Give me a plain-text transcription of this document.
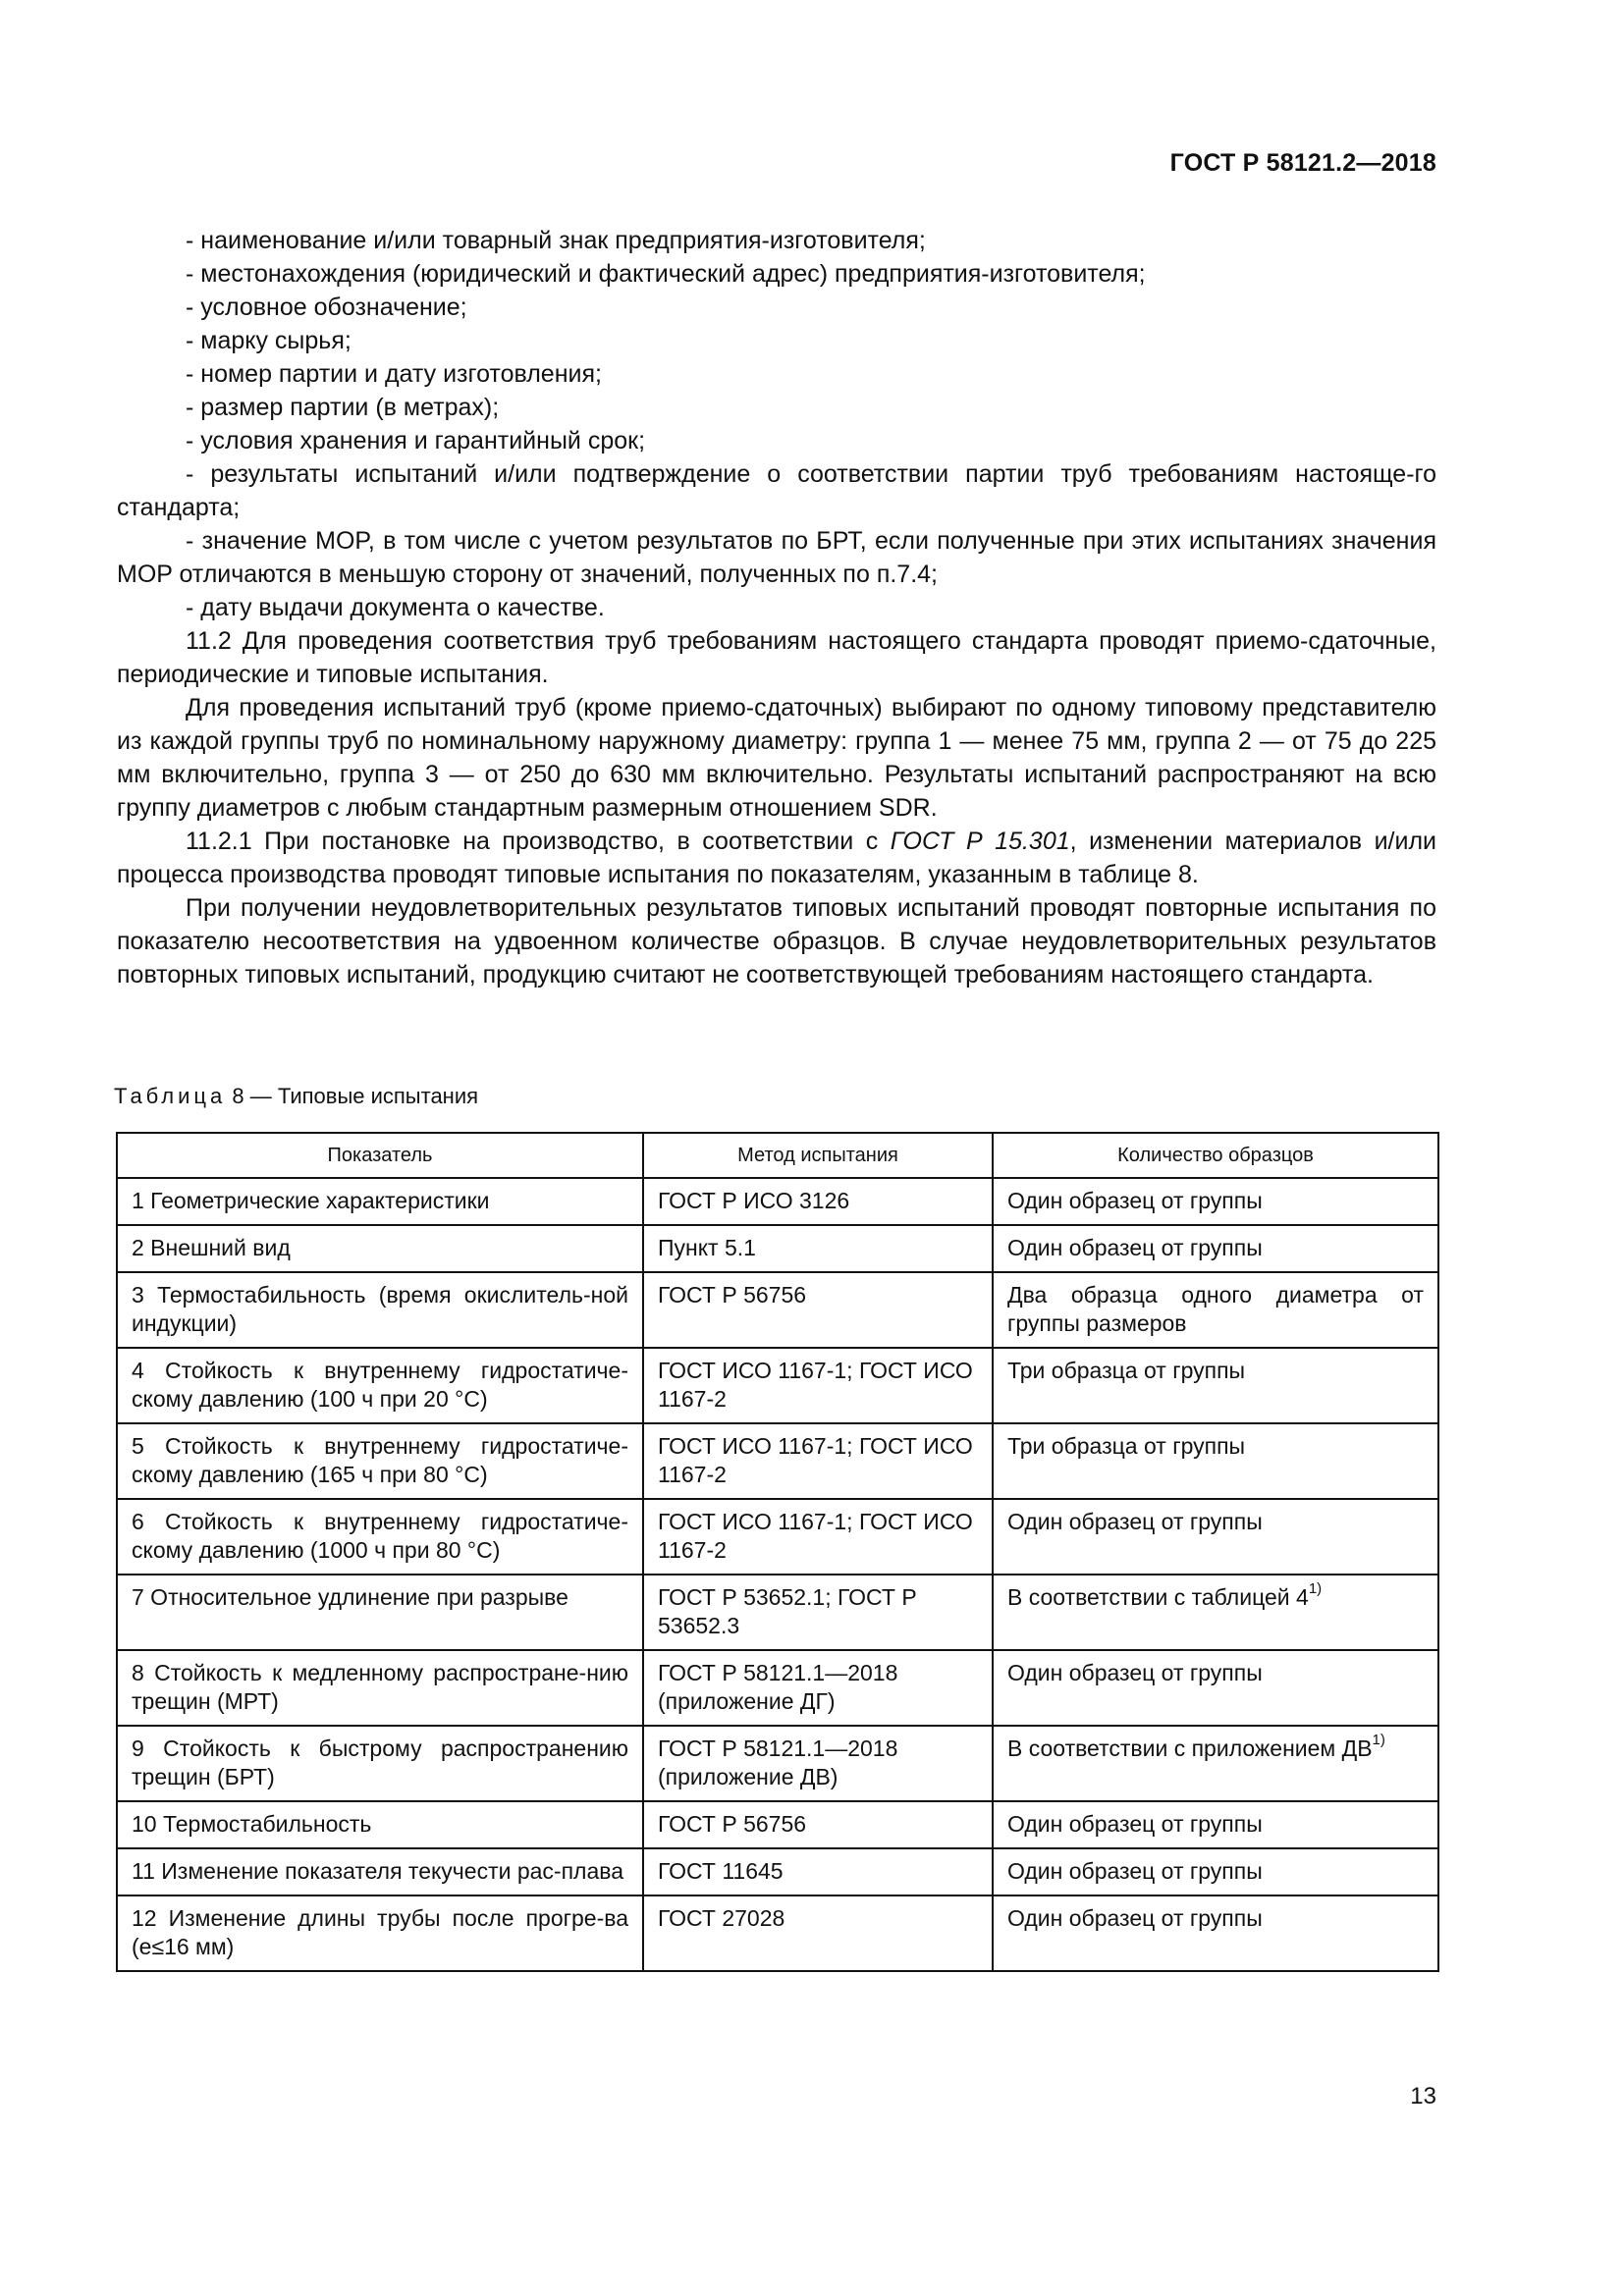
ГОСТ Р 58121.2—2018

- наименование и/или товарный знак предприятия-изготовителя;

- местонахождения (юридический и фактический адрес) предприятия-изготовителя;

- условное обозначение;

- марку сырья;

- номер партии и дату изготовления;

- размер партии (в метрах);

- условия хранения и гарантийный срок;

- результаты испытаний и/или подтверждение о соответствии партии труб требованиям настояще-го стандарта;

- значение MOP, в том числе с учетом результатов по БРТ, если полученные при этих испытаниях значения MOP отличаются в меньшую сторону от значений, полученных по п.7.4;

- дату выдачи документа о качестве.

11.2 Для проведения соответствия труб требованиям настоящего стандарта проводят приемо-сдаточные, периодические и типовые испытания.

Для проведения испытаний труб (кроме приемо-сдаточных) выбирают по одному типовому представителю из каждой группы труб по номинальному наружному диаметру: группа 1 — менее 75 мм, группа 2 — от 75 до 225 мм включительно, группа 3 — от 250 до 630 мм включительно. Результаты испытаний распространяют на всю группу диаметров с любым стандартным размерным отношением SDR.

11.2.1 При постановке на производство, в соответствии с ГОСТ Р 15.301, изменении материалов и/или процесса производства проводят типовые испытания по показателям, указанным в таблице 8.

При получении неудовлетворительных результатов типовых испытаний проводят повторные испытания по показателю несоответствия на удвоенном количестве образцов. В случае неудовлетворительных результатов повторных типовых испытаний, продукцию считают не соответствующей требованиям настоящего стандарта.

Таблица 8 — Типовые испытания
Показатель	Метод испытания	Количество образцов
1 Геометрические характеристики	ГОСТ Р ИСО 3126	Один образец от группы
2 Внешний вид	Пункт 5.1	Один образец от группы
3 Термостабильность (время окислитель-ной индукции)	ГОСТ Р 56756	Два образца одного диаметра от группы размеров
4 Стойкость к внутреннему гидростатиче-скому давлению (100 ч при 20 °С)	ГОСТ ИСО 1167-1; ГОСТ ИСО 1167-2	Три образца от группы
5 Стойкость к внутреннему гидростатиче-скому давлению (165 ч при 80 °С)	ГОСТ ИСО 1167-1; ГОСТ ИСО 1167-2	Три образца от группы
6 Стойкость к внутреннему гидростатиче-скому давлению (1000 ч при 80 °С)	ГОСТ ИСО 1167-1; ГОСТ ИСО 1167-2	Один образец от группы
7 Относительное удлинение при разрыве	ГОСТ Р 53652.1; ГОСТ Р 53652.3	В соответствии с таблицей 4$^{1)}$
8 Стойкость к медленному распростране-нию трещин (МРТ)	ГОСТ Р 58121.1—2018 (приложение ДГ)	Один образец от группы
9 Стойкость к быстрому распространению трещин (БРТ)	ГОСТ Р 58121.1—2018 (приложение ДВ)	В соответствии с приложением ДВ$^{1)}$
10 Термостабильность	ГОСТ Р 56756	Один образец от группы
11 Изменение показателя текучести рас-плава	ГОСТ 11645	Один образец от группы
12 Изменение длины трубы после прогре-ва (е≤16 мм)	ГОСТ 27028	Один образец от группы
13
